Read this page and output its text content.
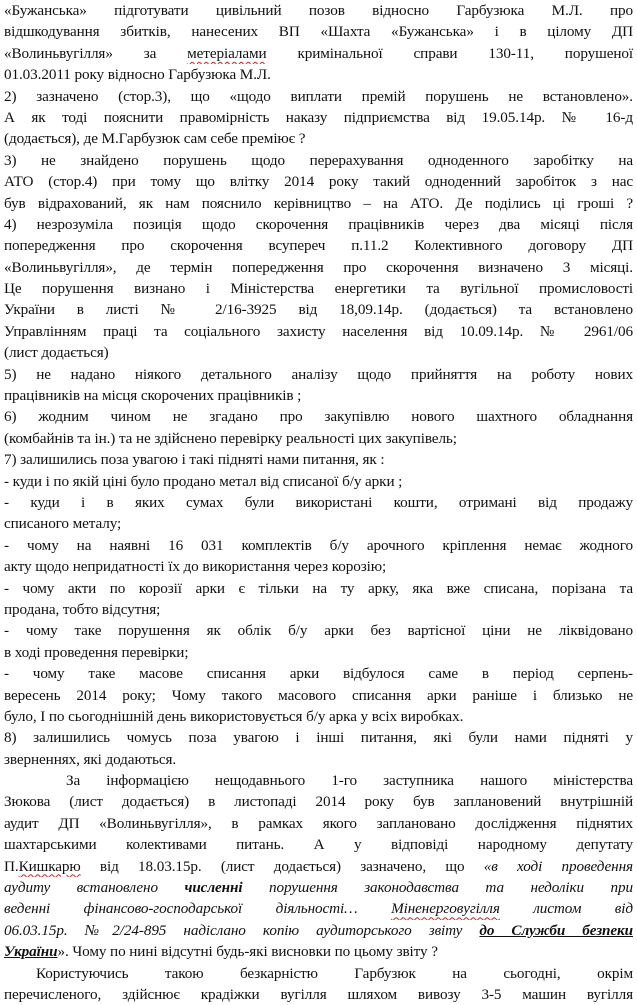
«Бужанська» підготувати цивільний позов відносно Гарбузюка М.Л. про
відшкодування збитків, нанесених ВП «Шахта «Бужанська» і в цілому ДП
«Волиньвугілля» за метеріалами кримінальної справи 130-11, порушеної
01.03.2011 року відносно Гарбузюка М.Л.
2) зазначено (стор.3), що «щодо виплати премій порушень не встановлено».
А як тоді пояснити правомірність наказу підприємства від 19.05.14р. № 16-д
(додається), де М.Гарбузюк сам себе преміює ?
3) не знайдено порушень щодо перерахування одноденного заробітку на
АТО (стор.4) при тому що влітку 2014 року такий одноденний заробіток з нас
був відрахований, як нам пояснило керівництво – на АТО. Де поділись ці гроші ?
4) незрозуміла позиція щодо скорочення працівників через два місяці після
попередження про скорочення всупереч п.11.2 Колективного договору ДП
«Волиньвугілля», де термін попередження про скорочення визначено 3 місяці.
Це порушення визнано і Міністерства енергетики та вугільної промисловості
України в листі № 2/16-3925 від 18,09.14р. (додається) та встановлено
Управлінням праці та соціального захисту населення від 10.09.14р. № 2961/06
(лист додається)
5) не надано ніякого детального аналізу щодо прийняття на роботу нових
працівників на місця скорочених працівників ;
6) жодним чином не згадано про закупівлю нового шахтного обладнання
(комбайнів та ін.) та не здійснено перевірку реальності цих закупівель;
7) залишились поза увагою і такі підняті нами питання, як :
- куди і по якій ціні було продано метал від списаної б/у арки ;
- куди і в яких сумах були використані кошти, отримані від продажу
списаного металу;
- чому на наявні 16 031 комплектів б/у арочного кріплення немає жодного
акту щодо непридатності їх до використання через корозію;
- чому акти по корозії арки є тільки на ту арку, яка вже списана, порізана та
продана, тобто відсутня;
- чому таке порушення як облік б/у арки без вартісної ціни не ліквідовано
в ході проведення перевірки;
- чому таке масове списання арки відбулося саме в період серпень-
вересень 2014 року; Чому такого масового списання арки раніше і близько не
було, І по сьогоднішній день використовується б/у арка у всіх виробках.
8) залишились чомусь поза увагою і інші питання, які були нами підняті у
зверненнях, які додаються.
За інформацією нещодавнього 1-го заступника нашого міністерства
Зюкова (лист додається) в листопаді 2014 року був заплановений внутрішній
аудит ДП «Волиньвугілля», в рамках якого заплановано дослідження піднятих
шахтарськими колективами питань. А у відповіді народному депутату
П.Кишкарю від 18.03.15р. (лист додається) зазначено, що «в ході проведення
аудиту встановлено численні порушення законодавства та недоліки при
веденні фінансово-господарської діяльності… Міненерговугілля листом від
06.03.15р. №2/24-895 надіслано копію аудиторського звіту до Служби безпеки
України». Чому по нині відсутні будь-які висновки по цьому звіту ?
Користуючись такою безкарністю Гарбузюк на сьогодні, окрім
перечисленого, здійснює крадіжки вугілля шляхом вивозу 3-5 машин вугілля
